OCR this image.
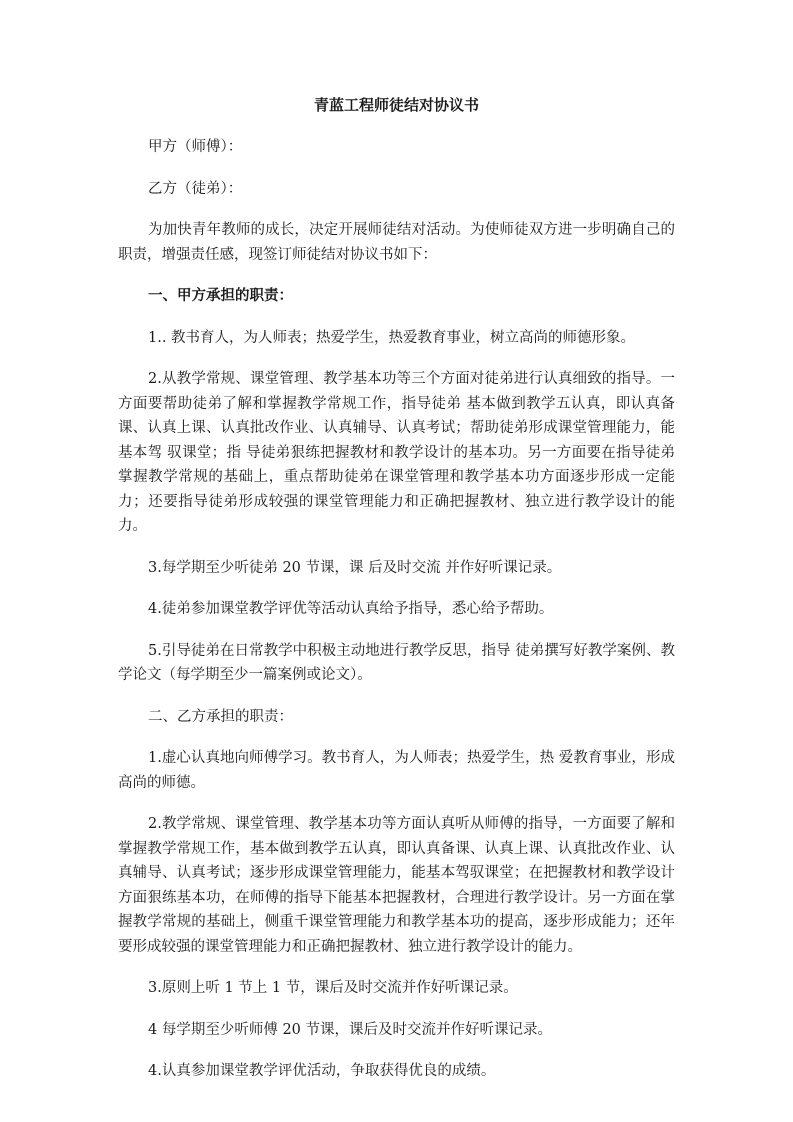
青蓝工程师徒结对协议书

甲方（师傅）：

乙方（徒弟）：

为加快青年教师的成长，决定开展师徒结对活动。为使师徒双方进一步明确自己的职责，增强责任感，现签订师徒结对协议书如下：

一、甲方承担的职责：

1.. 教书育人，为人师表；热爱学生，热爱教育事业，树立高尚的师德形象。

2.从教学常规、课堂管理、教学基本功等三个方面对徒弟进行认真细致的指导。一方面要帮助徒弟了解和掌握教学常规工作，指导徒弟 基本做到教学五认真，即认真备课、认真上课、认真批改作业、认真辅导、认真考试；帮助徒弟形成课堂管理能力，能基本驾 驭课堂；指 导徒弟狠练把握教材和教学设计的基本功。另一方面要在指导徒弟掌握教学常规的基础上，重点帮助徒弟在课堂管理和教学基本功方面逐步形成一定能力；还要指导徒弟形成较强的课堂管理能力和正确把握教材、独立进行教学设计的能力。

3.每学期至少听徒弟 20 节课，课 后及时交流 并作好听课记录。

4.徒弟参加课堂教学评优等活动认真给予指导，悉心给予帮助。

5.引导徒弟在日常教学中积极主动地进行教学反思，指导 徒弟撰写好教学案例、教学论文（每学期至少一篇案例或论文）。

二、乙方承担的职责：

1.虚心认真地向师傅学习。教书育人，为人师表；热爱学生，热 爱教育事业，形成高尚的师德。

2.教学常规、课堂管理、教学基本功等方面认真听从师傅的指导，一方面要了解和掌握教学常规工作，基本做到教学五认真，即认真备课、认真上课、认真批改作业、认真辅导、认真考试；逐步形成课堂管理能力，能基本驾驭课堂；在把握教材和教学设计方面狠练基本功，在师傅的指导下能基本把握教材，合理进行教学设计。另一方面在掌握教学常规的基础上，侧重千课堂管理能力和教学基本功的提高，逐步形成能力；还年要形成较强的课堂管理能力和正确把握教材、独立进行教学设计的能力。

3.原则上听 1 节上 1 节，课后及时交流并作好听课记录。

4 每学期至少听师傅 20 节课，课后及时交流并作好听课记录。

4.认真参加课堂教学评优活动，争取获得优良的成绩。
